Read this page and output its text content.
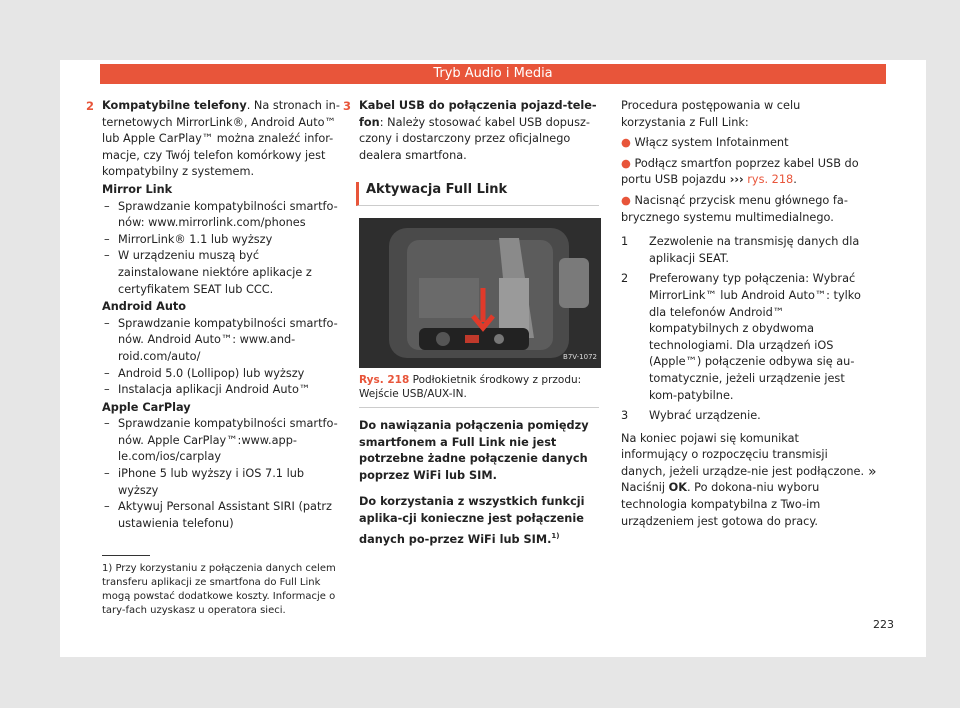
Tryb Audio i Media
2 Kompatybilne telefony. Na stronach in-ternetowych MirrorLink®, Android Auto™ lub Apple CarPlay™ można znaleźć infor-macje, czy Twój telefon komórkowy jest kompatybilny z systemem.

Mirror Link

– Sprawdzanie kompatybilności smartfo-nów: www.mirrorlink.com/phones

– MirrorLink® 1.1 lub wyższy

– W urządzeniu muszą być zainstalowane niektóre aplikacje z certyfikatem SEAT lub CCC.

Android Auto

– Sprawdzanie kompatybilności smartfo-nów. Android Auto™: www.and-roid.com/auto/

– Android 5.0 (Lollipop) lub wyższy

– Instalacja aplikacji Android Auto™

Apple CarPlay

– Sprawdzanie kompatybilności smartfo-nów. Apple CarPlay™:www.app-le.com/ios/carplay

– iPhone 5 lub wyższy i iOS 7.1 lub wyższy

– Aktywuj Personal Assistant SIRI (patrz ustawienia telefonu)

1) Przy korzystaniu z połączenia danych celem transferu aplikacji ze smartfona do Full Link mogą powstać dodatkowe koszty. Informacje o tary-fach uzyskasz u operatora sieci.
3 Kabel USB do połączenia pojazd-tele-fon: Należy stosować kabel USB dopusz-czony i dostarczony przez oficjalnego dealera smartfona.

Aktywacja Full Link
B7V-1072

Rys. 218 Podłokietnik środkowy z przodu: Wejście USB/AUX-IN.

Do nawiązania połączenia pomiędzy smartfonem a Full Link nie jest potrzebne żadne połączenie danych poprzez WiFi lub SIM.

Do korzystania z wszystkich funkcji aplika-cji konieczne jest połączenie danych po-przez WiFi lub SIM.$^{1)}$

Procedura postępowania w celu korzystania z Full Link:

● Włącz system Infotainment

● Podłącz smartfon poprzez kabel USB do portu USB pojazdu ››› rys. 218.

● Nacisnąć przycisk menu głównego fa-brycznego systemu multimedialnego.

1 Zezwolenie na transmisję danych dla aplikacji SEAT.

2 Preferowany typ połączenia: Wybrać MirrorLink™ lub Android Auto™: tylko dla telefonów Android™ kompatybilnych z obydwoma technologiami. Dla urządzeń iOS (Apple™) połączenie odbywa się au-tomatycznie, jeżeli urządzenie jest kom-patybilne.

3 Wybrać urządzenie.

Na koniec pojawi się komunikat informujący o rozpoczęciu transmisji danych, jeżeli urządze-nie jest podłączone. Naciśnij OK. Po dokona-niu wyboru technologia kompatybilna z Two-im urządzeniem jest gotowa do pracy.

»
223
